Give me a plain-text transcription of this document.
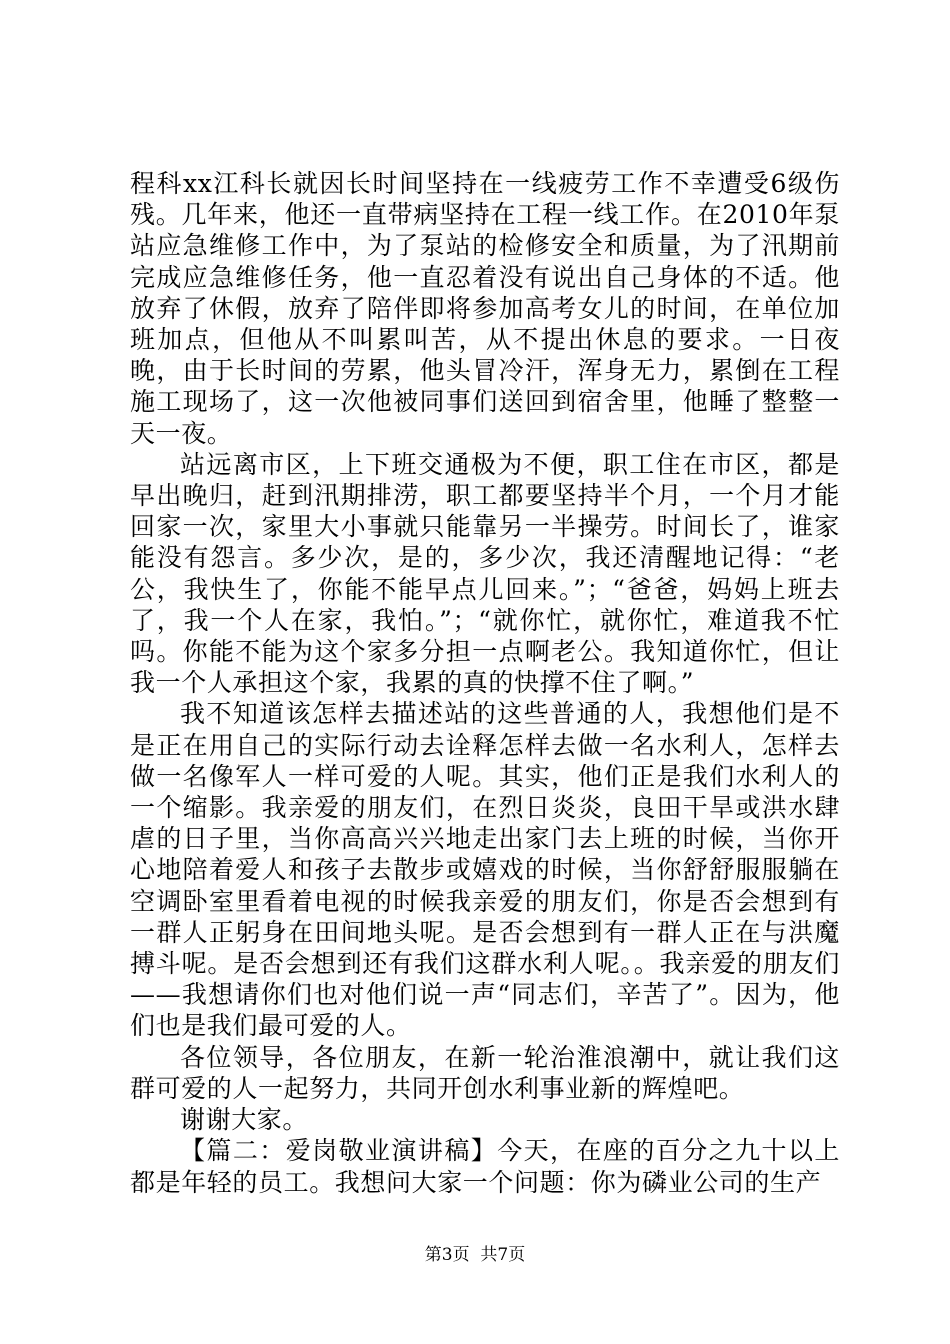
程科xx江科长就因长时间坚持在一线疲劳工作不幸遭受6级伤残。几年来，他还一直带病坚持在工程一线工作。在2010年泵站应急维修工作中，为了泵站的检修安全和质量，为了汛期前完成应急维修任务，他一直忍着没有说出自己身体的不适。他放弃了休假，放弃了陪伴即将参加高考女儿的时间，在单位加班加点，但他从不叫累叫苦，从不提出休息的要求。一日夜晚，由于长时间的劳累，他头冒冷汗，浑身无力，累倒在工程施工现场了，这一次他被同事们送回到宿舍里，他睡了整整一天一夜。

站远离市区，上下班交通极为不便，职工住在市区，都是早出晚归，赶到汛期排涝，职工都要坚持半个月，一个月才能回家一次，家里大小事就只能靠另一半操劳。时间长了，谁家能没有怨言。多少次，是的，多少次，我还清醒地记得：“老公，我快生了，你能不能早点儿回来。”；“爸爸，妈妈上班去了，我一个人在家，我怕。”；“就你忙，就你忙，难道我不忙吗。你能不能为这个家多分担一点啊老公。我知道你忙，但让我一个人承担这个家，我累的真的快撑不住了啊。”

我不知道该怎样去描述站的这些普通的人，我想他们是不是正在用自己的实际行动去诠释怎样去做一名水利人，怎样去做一名像军人一样可爱的人呢。其实，他们正是我们水利人的一个缩影。我亲爱的朋友们，在烈日炎炎，良田干旱或洪水肆虐的日子里，当你高高兴兴地走出家门去上班的时候，当你开心地陪着爱人和孩子去散步或嬉戏的时候，当你舒舒服服躺在空调卧室里看着电视的时候我亲爱的朋友们，你是否会想到有一群人正躬身在田间地头呢。是否会想到有一群人正在与洪魔搏斗呢。是否会想到还有我们这群水利人呢。。我亲爱的朋友们——我想请你们也对他们说一声“同志们，辛苦了”。因为，他们也是我们最可爱的人。

各位领导，各位朋友，在新一轮治淮浪潮中，就让我们这群可爱的人一起努力，共同开创水利事业新的辉煌吧。

谢谢大家。

【篇二：爱岗敬业演讲稿】今天，在座的百分之九十以上都是年轻的员工。我想问大家一个问题：你为磷业公司的生产

第3页 共7页
